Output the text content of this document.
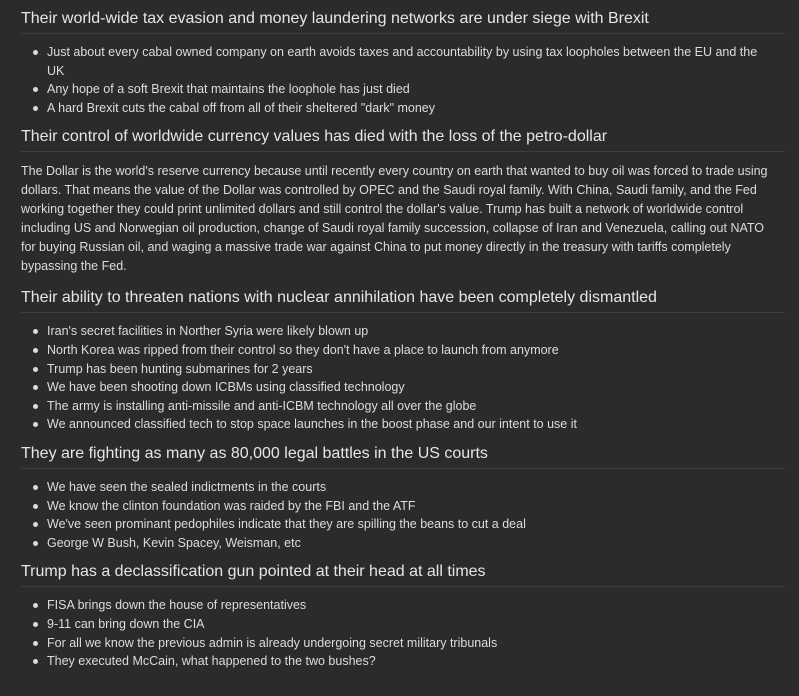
Their world-wide tax evasion and money laundering networks are under siege with Brexit
Just about every cabal owned company on earth avoids taxes and accountability by using tax loopholes between the EU and the UK
Any hope of a soft Brexit that maintains the loophole has just died
A hard Brexit cuts the cabal off from all of their sheltered "dark" money
Their control of worldwide currency values has died with the loss of the petro-dollar

The Dollar is the world's reserve currency because until recently every country on earth that wanted to buy oil was forced to trade using dollars. That means the value of the Dollar was controlled by OPEC and the Saudi royal family. With China, Saudi family, and the Fed working together they could print unlimited dollars and still control the dollar's value. Trump has built a network of worldwide control including US and Norwegian oil production, change of Saudi royal family succession, collapse of Iran and Venezuela, calling out NATO for buying Russian oil, and waging a massive trade war against China to put money directly in the treasury with tariffs completely bypassing the Fed.

Their ability to threaten nations with nuclear annihilation have been completely dismantled
Iran's secret facilities in Norther Syria were likely blown up
North Korea was ripped from their control so they don't have a place to launch from anymore
Trump has been hunting submarines for 2 years
We have been shooting down ICBMs using classified technology
The army is installing anti-missile and anti-ICBM technology all over the globe
We announced classified tech to stop space launches in the boost phase and our intent to use it
They are fighting as many as 80,000 legal battles in the US courts
We have seen the sealed indictments in the courts
We know the clinton foundation was raided by the FBI and the ATF
We've seen prominant pedophiles indicate that they are spilling the beans to cut a deal
George W Bush, Kevin Spacey, Weisman, etc
Trump has a declassification gun pointed at their head at all times
FISA brings down the house of representatives
9-11 can bring down the CIA
For all we know the previous admin is already undergoing secret military tribunals
They executed McCain, what happened to the two bushes?
